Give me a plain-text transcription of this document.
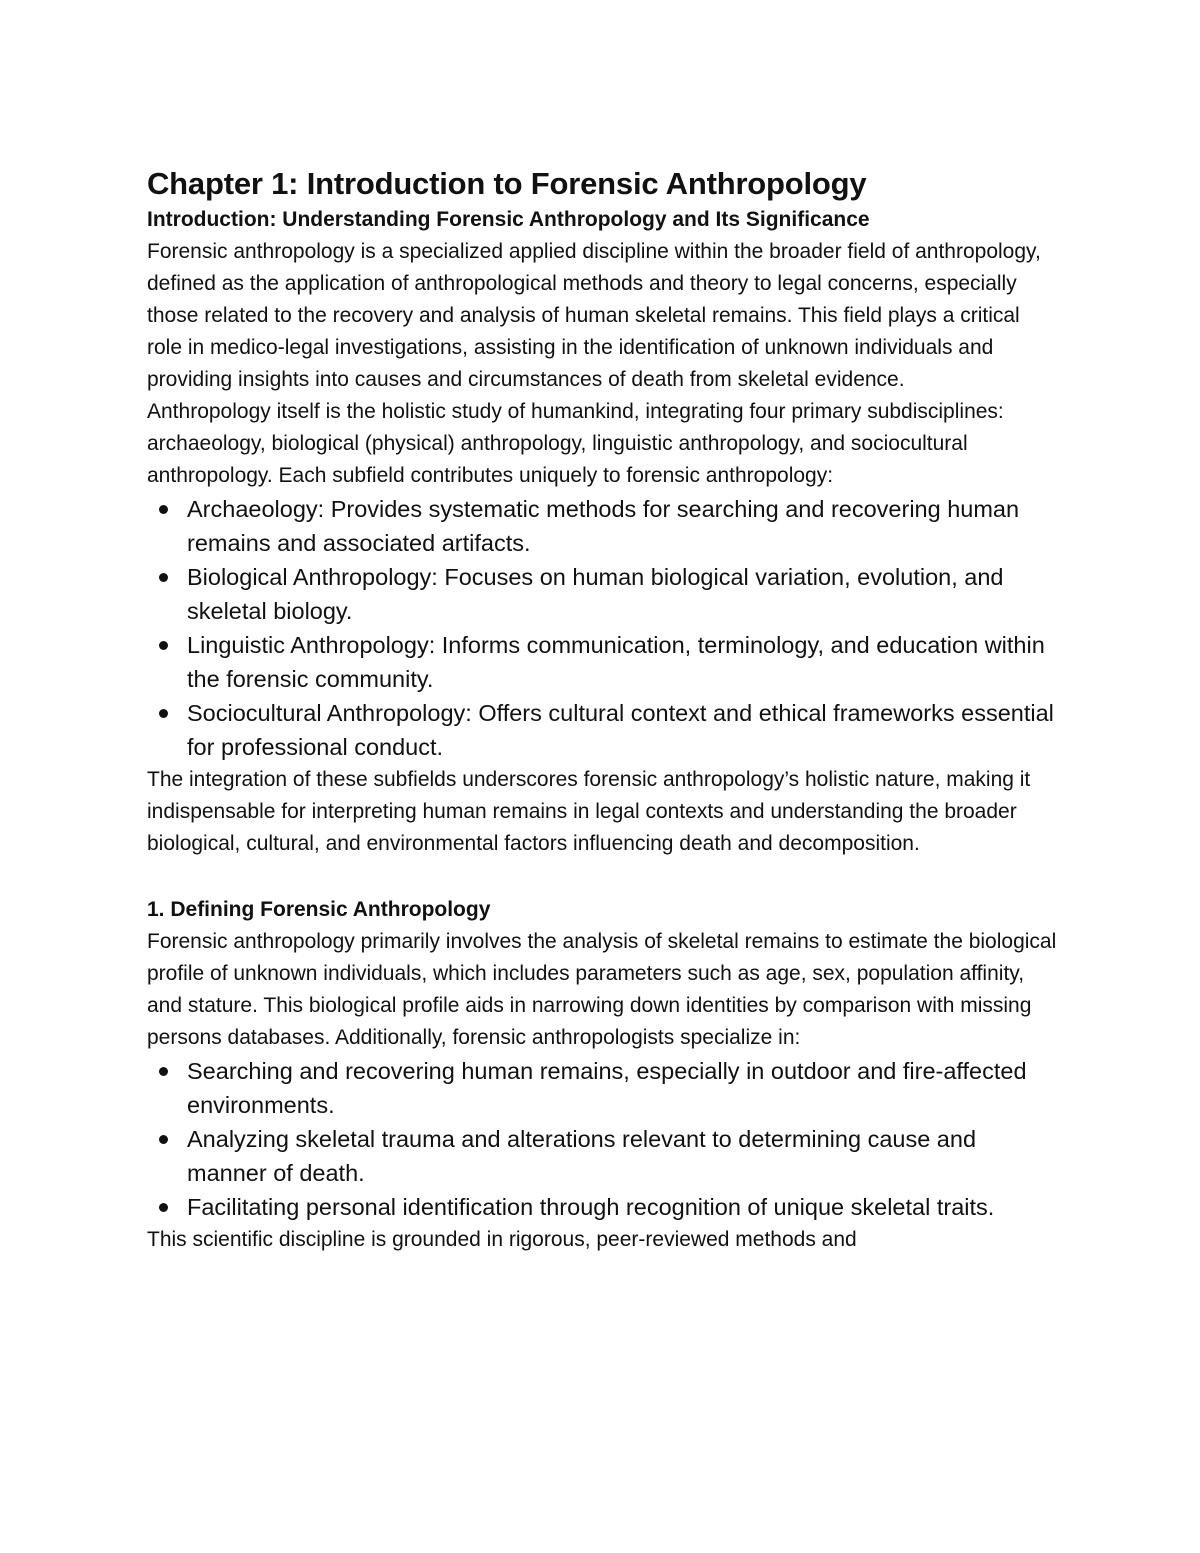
Chapter 1: Introduction to Forensic Anthropology
Introduction: Understanding Forensic Anthropology and Its Significance

Forensic anthropology is a specialized applied discipline within the broader field of anthropology, defined as the application of anthropological methods and theory to legal concerns, especially those related to the recovery and analysis of human skeletal remains. This field plays a critical role in medico-legal investigations, assisting in the identification of unknown individuals and providing insights into causes and circumstances of death from skeletal evidence.

Anthropology itself is the holistic study of humankind, integrating four primary subdisciplines: archaeology, biological (physical) anthropology, linguistic anthropology, and sociocultural anthropology. Each subfield contributes uniquely to forensic anthropology:

Archaeology: Provides systematic methods for searching and recovering human remains and associated artifacts.
Biological Anthropology: Focuses on human biological variation, evolution, and skeletal biology.
Linguistic Anthropology: Informs communication, terminology, and education within the forensic community.
Sociocultural Anthropology: Offers cultural context and ethical frameworks essential for professional conduct.

The integration of these subfields underscores forensic anthropology’s holistic nature, making it indispensable for interpreting human remains in legal contexts and understanding the broader biological, cultural, and environmental factors influencing death and decomposition.

1. Defining Forensic Anthropology

Forensic anthropology primarily involves the analysis of skeletal remains to estimate the biological profile of unknown individuals, which includes parameters such as age, sex, population affinity, and stature. This biological profile aids in narrowing down identities by comparison with missing persons databases. Additionally, forensic anthropologists specialize in:

Searching and recovering human remains, especially in outdoor and fire-affected environments.
Analyzing skeletal trauma and alterations relevant to determining cause and manner of death.
Facilitating personal identification through recognition of unique skeletal traits.

This scientific discipline is grounded in rigorous, peer-reviewed methods and
